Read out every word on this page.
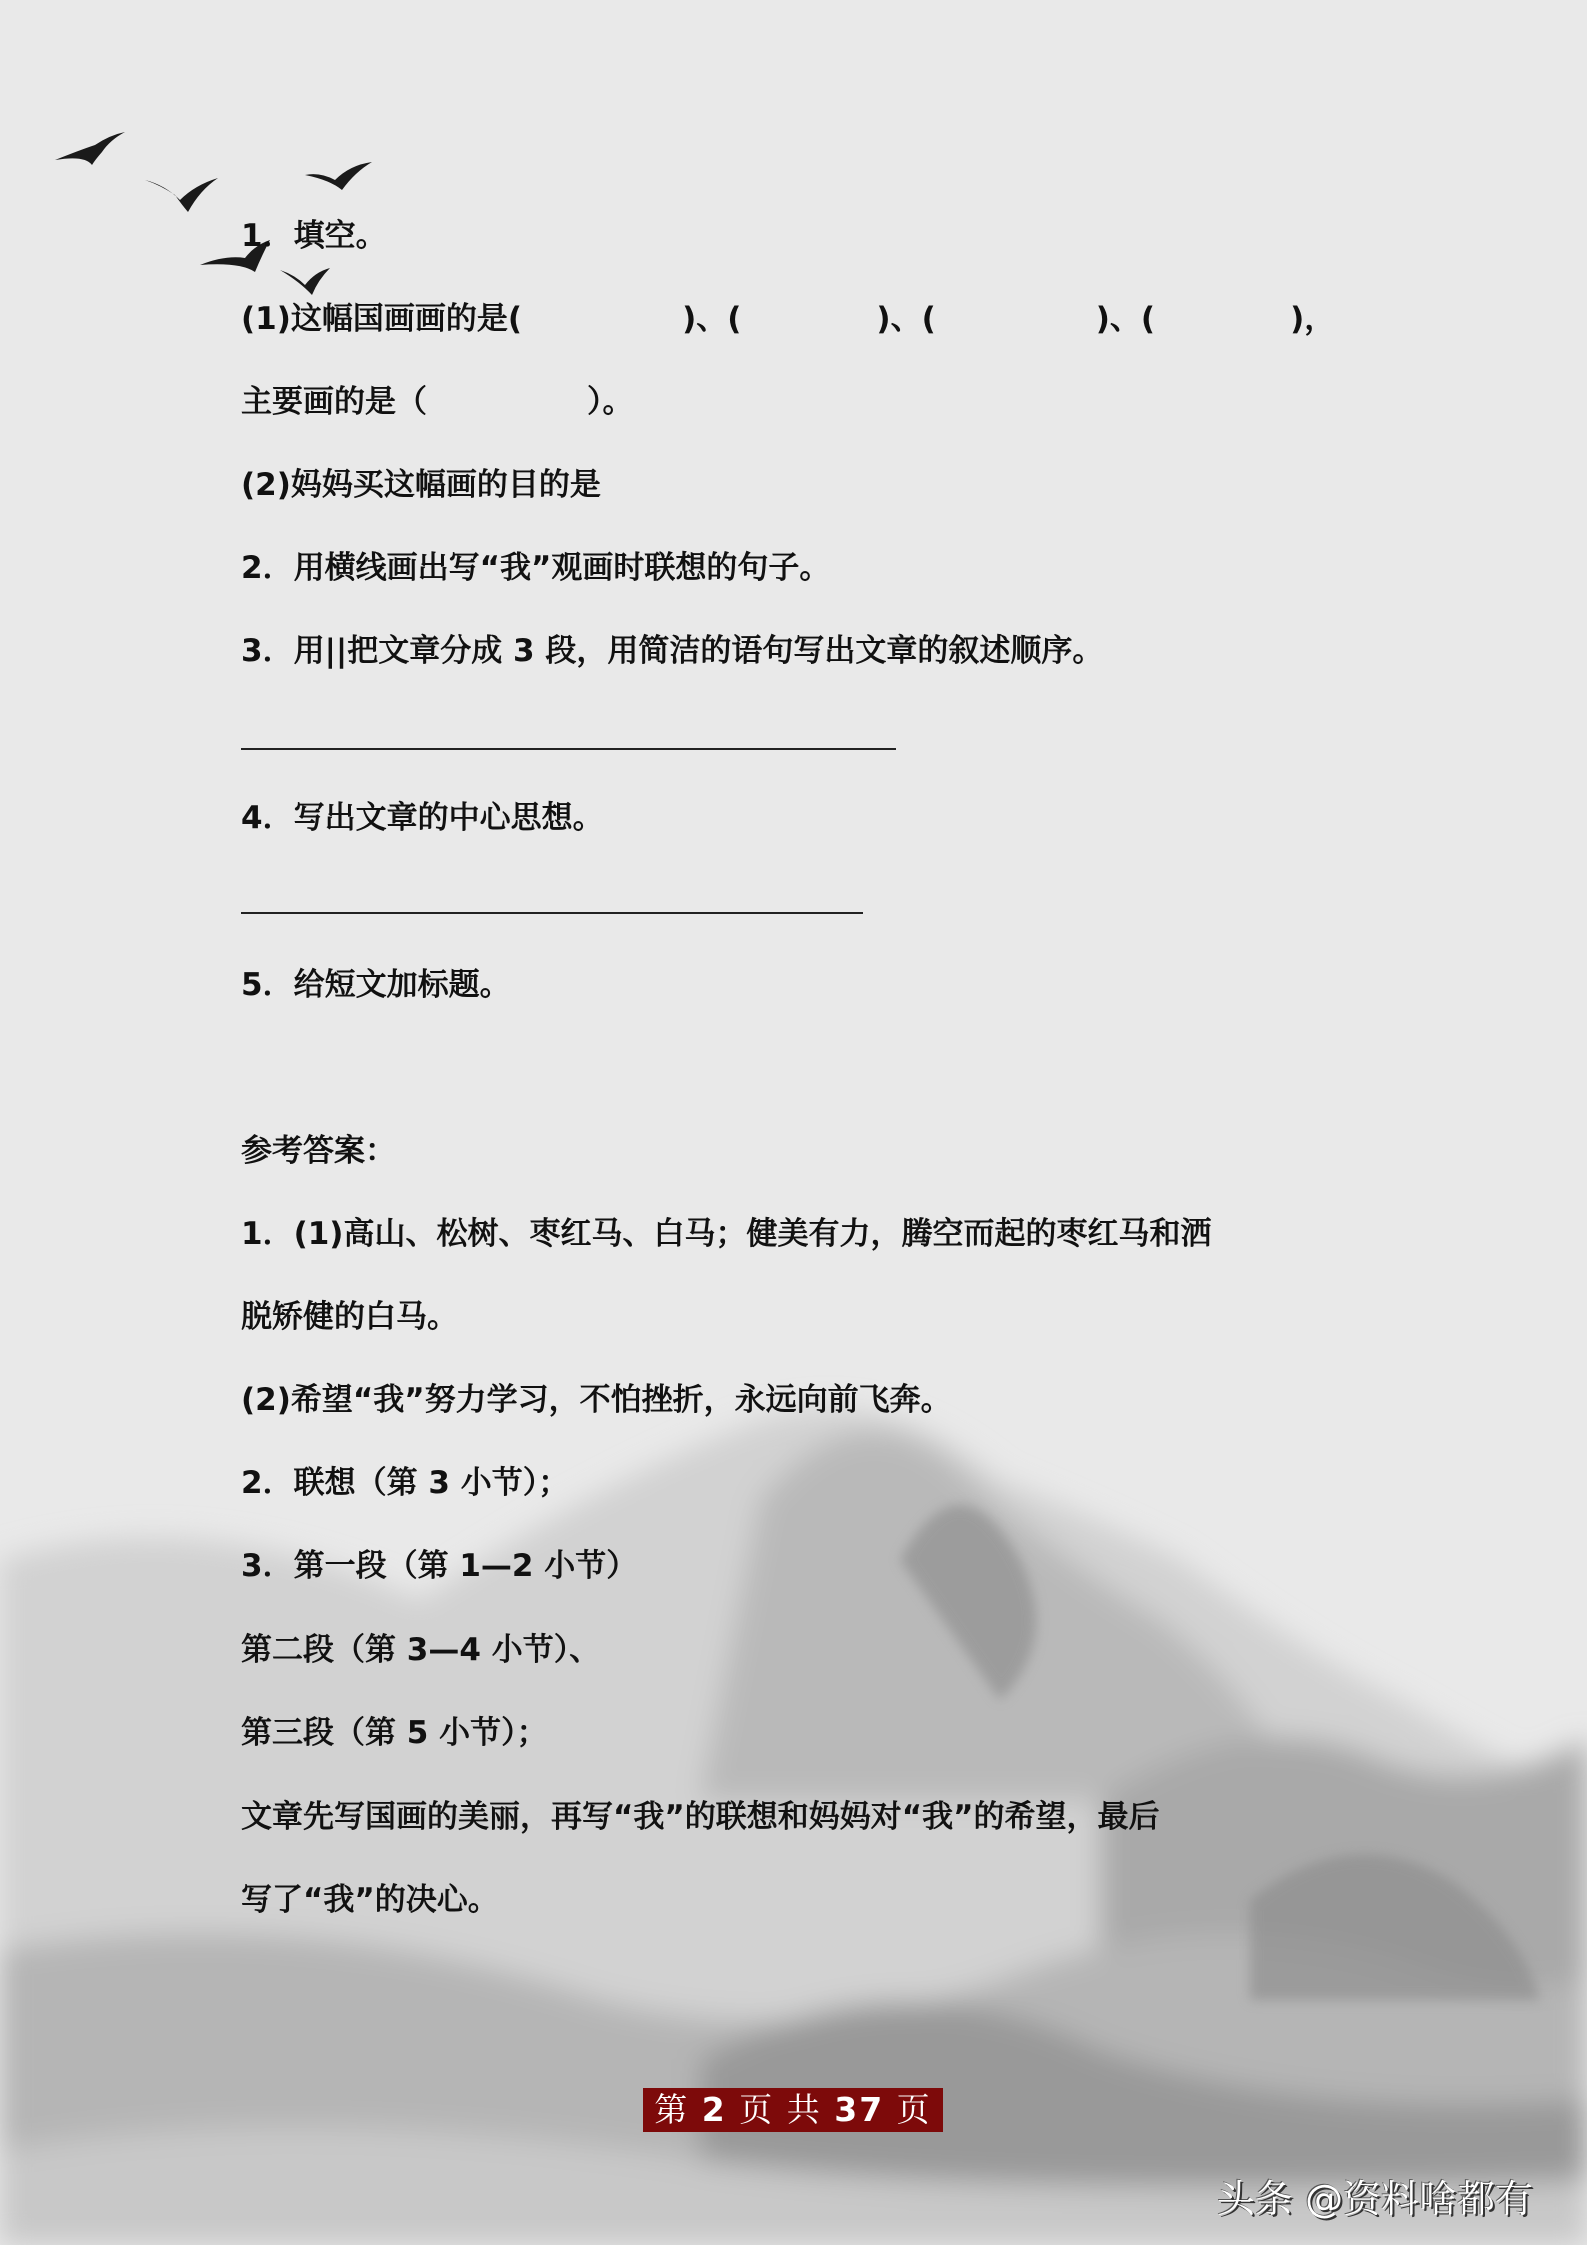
1．填空。
(1)这幅国画画的是(	)、(	)、(	)、(	)，
主要画的是（	）。
(2)妈妈买这幅画的目的是
2．用横线画出写“我”观画时联想的句子。
3．用||把文章分成 3 段，用简洁的语句写出文章的叙述顺序。
4．写出文章的中心思想。
5．给短文加标题。
参考答案：
1．(1)高山、松树、枣红马、白马；健美有力，腾空而起的枣红马和洒
脱矫健的白马。
(2)希望“我”努力学习，不怕挫折，永远向前飞奔。
2．联想（第 3 小节）；
3．第一段（第 1—2 小节）
第二段（第 3—4 小节）、
第三段（第 5 小节）；
文章先写国画的美丽，再写“我”的联想和妈妈对“我”的希望，最后
写了“我”的决心。
第 2 页 共 37 页
头条 @资料啥都有
